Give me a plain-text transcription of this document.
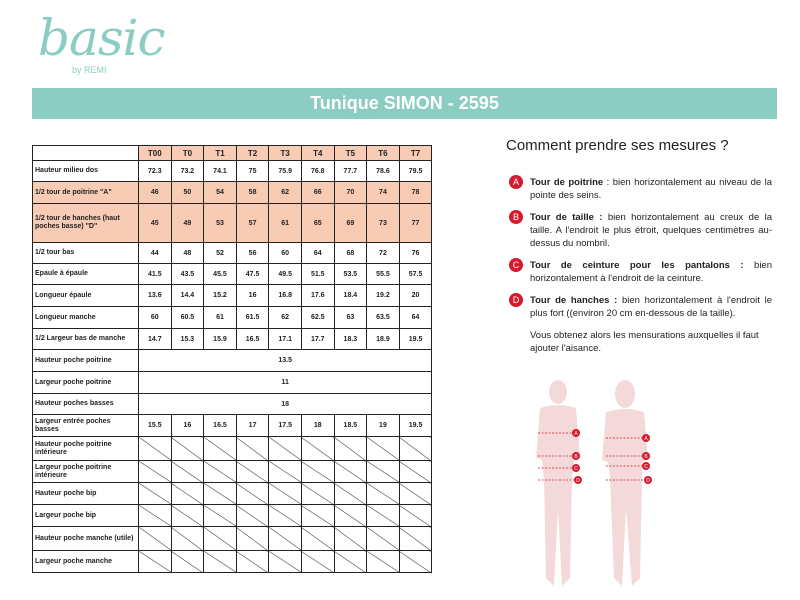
basic
by REMI
Tunique SIMON - 2595
	T00	T0	T1	T2	T3	T4	T5	T6	T7
Hauteur milieu dos	72.3	73.2	74.1	75	75.9	76.8	77.7	78.6	79.5
1/2 tour de poitrine "A"	46	50	54	58	62	66	70	74	78
1/2 tour de hanches (haut poches basse) "D"	45	49	53	57	61	65	69	73	77
1/2 tour bas	44	48	52	56	60	64	68	72	76
Epaule à épaule	41.5	43.5	45.5	47.5	49.5	51.5	53.5	55.5	57.5
Longueur épaule	13.6	14.4	15.2	16	16.8	17.6	18.4	19.2	20
Longueur manche	60	60.5	61	61.5	62	62.5	63	63.5	64
1/2 Largeur bas de manche	14.7	15.3	15.9	16.5	17.1	17.7	18.3	18.9	19.5
Hauteur poche poitrine	13.5								
Largeur poche poitrine	11								
Hauteur poches basses	18								
Largeur entrée poches basses	15.5	16	16.5	17	17.5	18	18.5	19	19.5
Hauteur poche poitrine intérieure									
Largeur poche poitrine intérieure									
Hauteur poche bip									
Largeur poche bip									
Hauteur poche manche (utile)									
Largeur poche manche									
Comment prendre ses mesures ?
A	Tour de poitrine : bien horizontalement au niveau de la pointe des seins.
B	Tour de taille : bien horizontalement au creux de la taille. A l'endroit le plus étroit, quelques centimètres au-dessus du nombril.
C	Tour de ceinture pour les pantalons : bien horizontalement à l'endroit de la ceinture.
D	Tour de hanches : bien horizontalement à l'endroit le plus fort ((environ 20 cm en-dessous de la taille).
Vous obtenez alors les mensurations auxquelles il faut ajouter l'aisance.
A
B
C
D
A
B
C
D
